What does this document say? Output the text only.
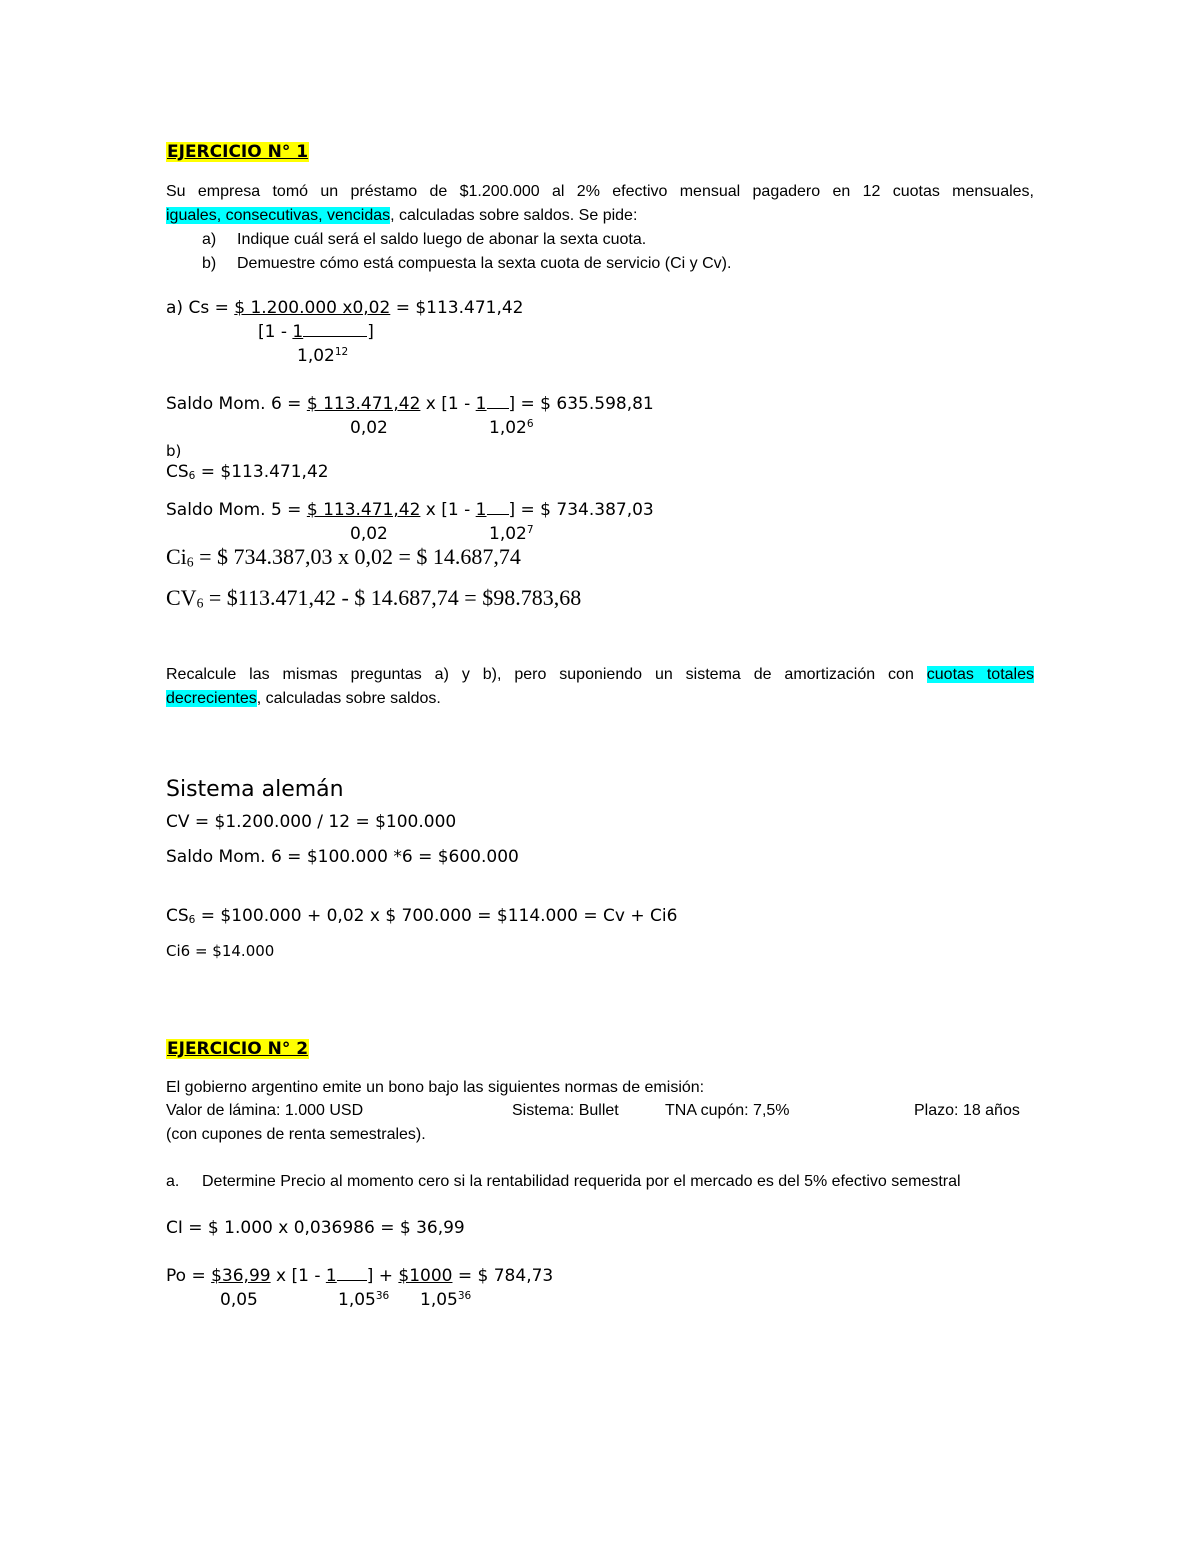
EJERCICIO N° 1
Su empresa tomó un préstamo de $1.200.000 al 2% efectivo mensual pagadero en 12 cuotas mensuales,
iguales, consecutivas, vencidas, calculadas sobre saldos. Se pide:
a) Indique cuál será el saldo luego de abonar la sexta cuota.
b) Demuestre cómo está compuesta la sexta cuota de servicio (Ci y Cv).
a) Cs = $ 1.200.000 x0,02 = $113.471,42
[1 - 1	]
1,02$^{12}$
Saldo Mom. 6 = $ 113.471,42 x [1 - 1 ] = $ 635.598,81
0,02	1,02$^6$
b)
$CS_6$ = $113.471,42
Saldo Mom. 5 = $ 113.471,42 x [1 - 1 ] = $ 734.387,03
0,02	1,02$^7$
$Ci_6$ = $ 734.387,03 x 0,02 = $ 14.687,74
$CV_6$ = $113.471,42 - $ 14.687,74 = $98.783,68
Recalcule las mismas preguntas a) y b), pero suponiendo un sistema de amortización con cuotas totales
decrecientes, calculadas sobre saldos.
Sistema alemán
CV = $1.200.000 / 12 = $100.000
Saldo Mom. 6 = $100.000 *6 = $600.000
$CS_6$ = $100.000 + 0,02 x $ 700.000 = $114.000 = Cv + Ci6
Ci6 = $14.000
EJERCICIO N° 2
El gobierno argentino emite un bono bajo las siguientes normas de emisión:
Valor de lámina: 1.000 USD	Sistema: Bullet	TNA cupón: 7,5%	Plazo: 18 años
(con cupones de renta semestrales).
a. Determine Precio al momento cero si la rentabilidad requerida por el mercado es del 5% efectivo semestral
CI = $ 1.000 x 0,036986 = $ 36,99
Po = $36,99 x [1 - 1 ] + $1000 = $ 784,73
0,05	1,05$^{36}$ 1,05$^{36}$
